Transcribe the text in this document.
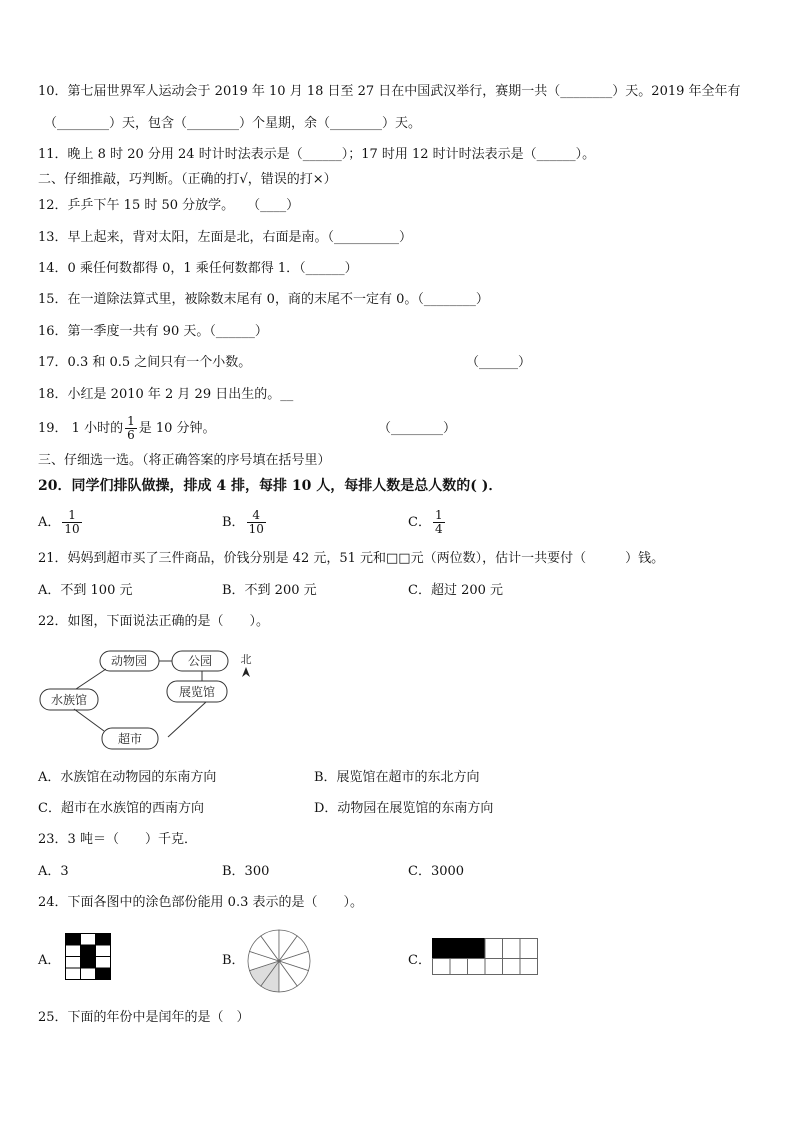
10．第七届世界军人运动会于 2019 年 10 月 18 日至 27 日在中国武汉举行，赛期一共（________）天。2019 年全年有
（________）天，包含（________）个星期，余（________）天。
11．晚上 8 时 20 分用 24 时计时法表示是（______）；17 时用 12 时计时法表示是（______）。
二、仔细推敲，巧判断。（正确的打√，错误的打×）
12．乒乒下午 15 时 50 分放学。　　（____）
13．早上起来，背对太阳，左面是北，右面是南。（__________）
14．0 乘任何数都得 0，1 乘任何数都得 1．（______）
15．在一道除法算式里，被除数末尾有 0，商的末尾不一定有 0。（________）
16．第一季度一共有 90 天。（______）
17．0.3 和 0.5 之间只有一个小数。	（______）
18．小红是 2010 年 2 月 29 日出生的。__
19． 1 小时的 $\frac{1}{6}$ 是 10 分钟。	（________）
三、仔细选一选。（将正确答案的序号填在括号里）
20．同学们排队做操，排成 4 排，每排 10 人，每排人数是总人数的( )．
A． $\frac{1}{10}$	B． $\frac{4}{10}$	C． $\frac{1}{4}$
21．妈妈到超市买了三件商品，价钱分别是 42 元，51 元和□□元（两位数），估计一共要付（　　　）钱。
A．不到 100 元	B．不到 200 元	C．超过 200 元
22．如图，下面说法正确的是（　　）。
动物园	公园
展览馆
水族馆
超市
北
A．水族馆在动物园的东南方向	B．展览馆在超市的东北方向
C．超市在水族馆的西南方向	D．动物园在展览馆的东南方向
23．3 吨＝（　　）千克．
A．3	B．300	C．3000
24．下面各图中的涂色部份能用 0.3 表示的是（　　）。
A．	B．	C．
25．下面的年份中是闰年的是（　）
